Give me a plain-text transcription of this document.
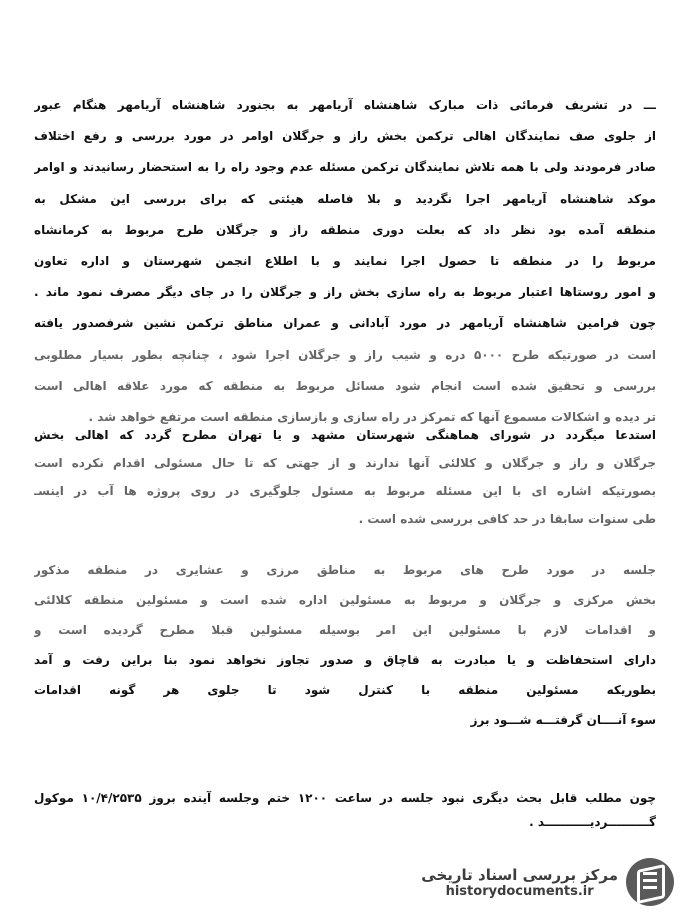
ـــ در تشریف فرمائی ذات مبارک شاهنشاه آریامهر به بجنورد شاهنشاه آریامهر هنگام عبور
از جلوی صف نمایندگان اهالی ترکمن بخش راز و جرگلان اوامر در مورد بررسی و رفع اختلاف
صادر فرمودند ولی با همه تلاش نمایندگان ترکمن مسئله عدم وجود راه را به استحضار رسانیدند و اوامر
موکد شاهنشاه آریامهر اجرا نگردید و بلا فاصله هیئتی که برای بررسی این مشکل به
منطقه آمده بود نظر داد که بعلت دوری منطقه راز و جرگلان طرح مربوط به کرمانشاه
مربوط را در منطقه تا حصول اجرا نمایند و با اطلاع انجمن شهرستان و اداره تعاون
و امور روستاها اعتبار مربوط به راه سازی بخش راز و جرگلان را در جای دیگر مصرف نمود ماند .
چون فرامین شاهنشاه آریامهر در مورد آبادانی و عمران مناطق ترکمن نشین شرفصدور یافته
است در صورتیکه طرح ۵۰۰۰ دره و شیب راز و جرگلان اجرا شود ، چنانچه بطور بسیار مطلوبی
بررسی و تحقیق شده است انجام شود مسائل مربوط به منطقه که مورد علاقه اهالی است
تر دیده و اشکالات مسموع آنها که تمرکز در راه سازی و بازسازی منطقه است مرتفع خواهد شد .
استدعا میگردد در شورای هماهنگی شهرستان مشهد و یا تهران مطرح گردد که اهالی بخش
جرگلان و راز و جرگلان و کلالئی آنها ندارند و از جهتی که تا حال مسئولی اقدام نکرده است
بصورتیکه اشاره ای با این مسئله مربوط به مسئول جلوگیری در روی پروژه ها آب در اینسـ
طی سنوات سابقا در حد کافی بررسی شده است .
جلسه در مورد طرح های مربوط به مناطق مرزی و عشایری در منطقه مذکور
بخش مرکزی و جرگلان و مربوط به مسئولین اداره شده است و مسئولین منطقه کلالئی
و اقدامات لازم با مسئولین این امر بوسیله مسئولین قبلا مطرح گردیده است و
دارای استحفاظت و یا مبادرت به قاچاق و صدور تجاوز نخواهد نمود بنا براین رفت و آمد
بطوریکه مسئولین منطقه با کنترل شود تا جلوی هر گونه اقدامات
سوء آنــــان گرفتـــه شـــود برز
چون مطلب قابل بحث دیگری نبود جلسه در ساعت ۱۲۰۰ ختم وجلسه آینده بروز ۱۰/۴/۲۵۳۵ موکول
گــــــــــرديـــــــــــد .
مرکز بررسی اسناد تاریخی
historydocuments.ir
